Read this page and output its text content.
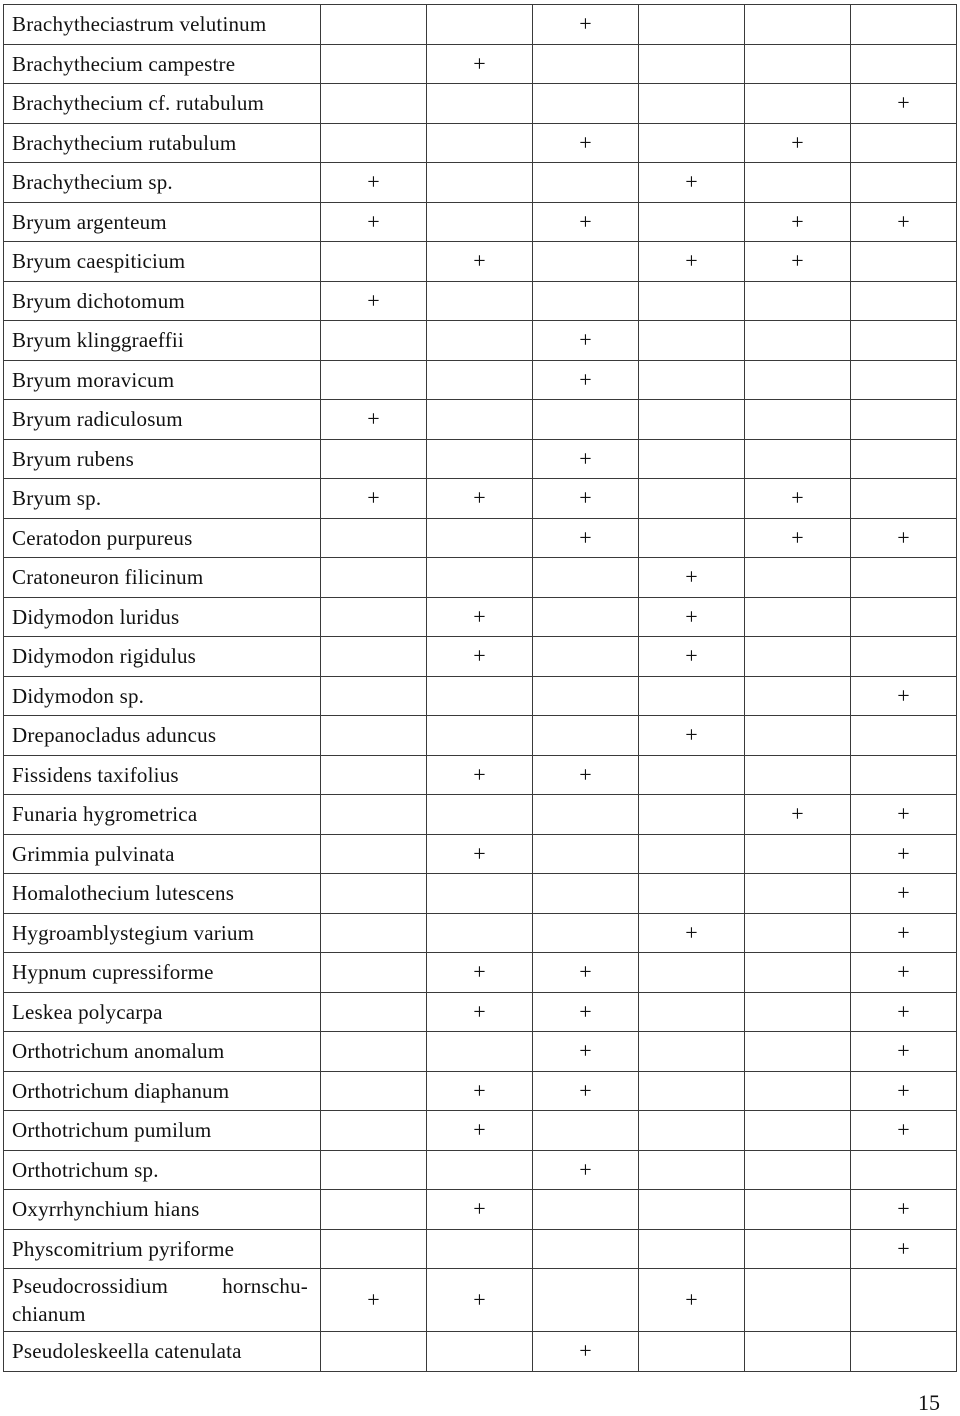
Brachytheciastrum velutinum			+			
Brachythecium campestre		+				
Brachythecium cf. rutabulum						+
Brachythecium rutabulum			+		+	
Brachythecium sp.	+			+		
Bryum argenteum	+		+		+	+
Bryum caespiticium		+		+	+	
Bryum dichotomum	+					
Bryum klinggraeffii			+			
Bryum moravicum			+			
Bryum radiculosum	+					
Bryum rubens			+			
Bryum sp.	+	+	+		+	
Ceratodon purpureus			+		+	+
Cratoneuron filicinum				+		
Didymodon luridus		+		+		
Didymodon rigidulus		+		+		
Didymodon sp.						+
Drepanocladus aduncus				+		
Fissidens taxifolius		+	+			
Funaria hygrometrica					+	+
Grimmia pulvinata		+				+
Homalothecium lutescens						+
Hygroamblystegium varium				+		+
Hypnum cupressiforme		+	+			+
Leskea polycarpa		+	+			+
Orthotrichum anomalum			+			+
Orthotrichum diaphanum		+	+			+
Orthotrichum pumilum		+				+
Orthotrichum sp.			+			
Oxyrrhynchium hians		+				+
Physcomitrium pyriforme						+

Pseudocrossidium hornschu-
chianum	+	+		+		
Pseudoleskeella catenulata			+			
15
